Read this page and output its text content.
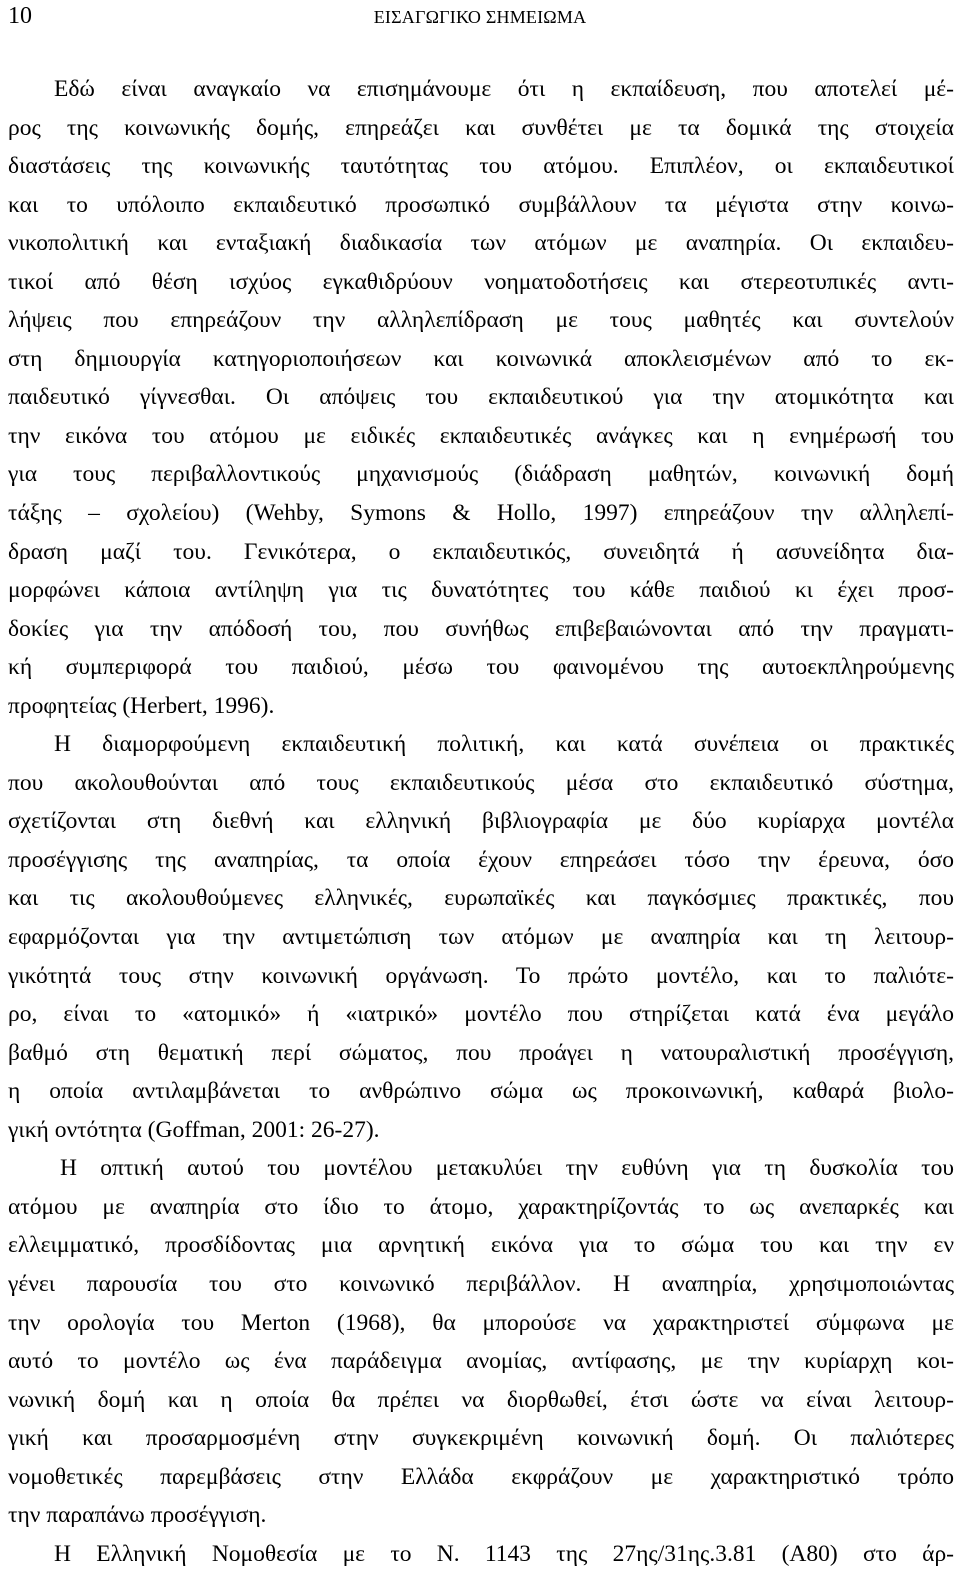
10	ΕΙΣΑΓΩΓΙΚΟ ΣΗΜΕΙΩΜΑ
Εδώ είναι αναγκαίο να επισημάνουμε ότι η εκπαίδευση, που αποτελεί μέ-
ρος της κοινωνικής δομής, επηρεάζει και συνθέτει με τα δομικά της στοιχεία
διαστάσεις της κοινωνικής ταυτότητας του ατόμου. Επιπλέον, οι εκπαιδευτικοί
και το υπόλοιπο εκπαιδευτικό προσωπικό συμβάλλουν τα μέγιστα στην κοινω-
νικοπολιτική και ενταξιακή διαδικασία των ατόμων με αναπηρία. Οι εκπαιδευ-
τικοί από θέση ισχύος εγκαθιδρύουν νοηματοδοτήσεις και στερεοτυπικές αντι-
λήψεις που επηρεάζουν την αλληλεπίδραση με τους μαθητές και συντελούν
στη δημιουργία κατηγοριοποιήσεων και κοινωνικά αποκλεισμένων από το εκ-
παιδευτικό γίγνεσθαι. Οι απόψεις του εκπαιδευτικού για την ατομικότητα και
την εικόνα του ατόμου με ειδικές εκπαιδευτικές ανάγκες και η ενημέρωσή του
για τους περιβαλλοντικούς μηχανισμούς (διάδραση μαθητών, κοινωνική δομή
τάξης – σχολείου) (Wehby, Symons & Hollo, 1997) επηρεάζουν την αλληλεπί-
δραση μαζί του. Γενικότερα, ο εκπαιδευτικός, συνειδητά ή ασυνείδητα δια-
μορφώνει κάποια αντίληψη για τις δυνατότητες του κάθε παιδιού κι έχει προσ-
δοκίες για την απόδοσή του, που συνήθως επιβεβαιώνονται από την πραγματι-
κή συμπεριφορά του παιδιού, μέσω του φαινομένου της αυτοεκπληρούμενης
προφητείας (Herbert, 1996).
Η διαμορφούμενη εκπαιδευτική πολιτική, και κατά συνέπεια οι πρακτικές
που ακολουθούνται από τους εκπαιδευτικούς μέσα στο εκπαιδευτικό σύστημα,
σχετίζονται στη διεθνή και ελληνική βιβλιογραφία με δύο κυρίαρχα μοντέλα
προσέγγισης της αναπηρίας, τα οποία έχουν επηρεάσει τόσο την έρευνα, όσο
και τις ακολουθούμενες ελληνικές, ευρωπαϊκές και παγκόσμιες πρακτικές, που
εφαρμόζονται για την αντιμετώπιση των ατόμων με αναπηρία και τη λειτουρ-
γικότητά τους στην κοινωνική οργάνωση. Το πρώτο μοντέλο, και το παλιότε-
ρο, είναι το «ατομικό» ή «ιατρικό» μοντέλο που στηρίζεται κατά ένα μεγάλο
βαθμό στη θεματική περί σώματος, που προάγει η νατουραλιστική προσέγγιση,
η οποία αντιλαμβάνεται το ανθρώπινο σώμα ως προκοινωνική, καθαρά βιολο-
γική οντότητα (Goffman, 2001: 26-27).
Η οπτική αυτού του μοντέλου μετακυλύει την ευθύνη για τη δυσκολία του
ατόμου με αναπηρία στο ίδιο το άτομο, χαρακτηρίζοντάς το ως ανεπαρκές και
ελλειμματικό, προσδίδοντας μια αρνητική εικόνα για το σώμα του και την εν
γένει παρουσία του στο κοινωνικό περιβάλλον. Η αναπηρία, χρησιμοποιώντας
την ορολογία του Merton (1968), θα μπορούσε να χαρακτηριστεί σύμφωνα με
αυτό το μοντέλο ως ένα παράδειγμα ανομίας, αντίφασης, με την κυρίαρχη κοι-
νωνική δομή και η οποία θα πρέπει να διορθωθεί, έτσι ώστε να είναι λειτουρ-
γική και προσαρμοσμένη στην συγκεκριμένη κοινωνική δομή. Οι παλιότερες
νομοθετικές παρεμβάσεις στην Ελλάδα εκφράζουν με χαρακτηριστικό τρόπο
την παραπάνω προσέγγιση.
Η Ελληνική Νομοθεσία με το Ν. 1143 της 27ης/31ης.3.81 (Α80) στο άρ-
